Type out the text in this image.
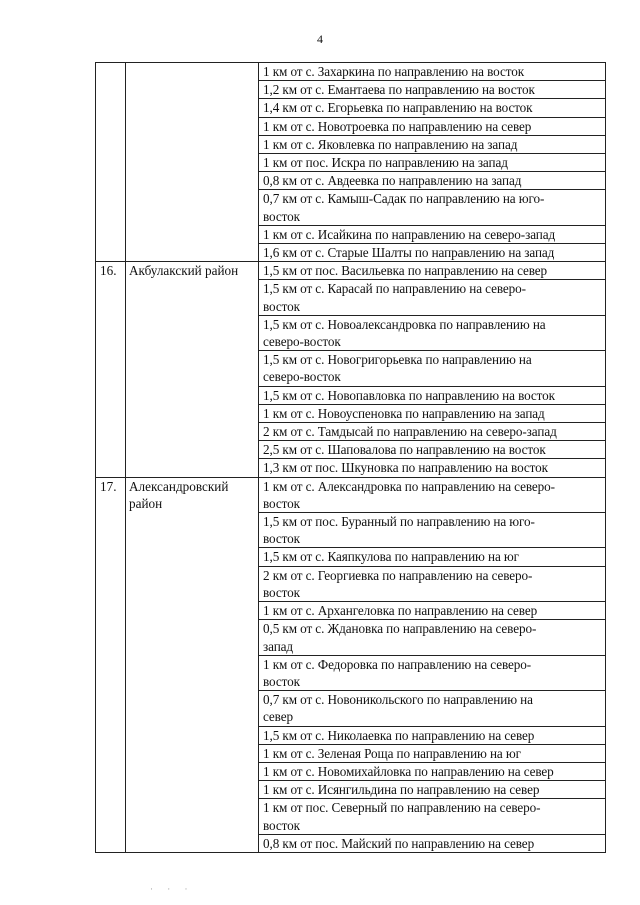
4
		1 км от с. Захаркина по направлению на восток
		1,2 км от с. Емантаева по направлению на восток
		1,4 км от с. Егорьевка по направлению на восток
		1 км от с. Новотроевка по направлению на север
		1 км от с. Яковлевка по направлению на запад
		1 км от пос. Искра по направлению на запад
		0,8 км от с. Авдеевка по направлению на запад
		0,7 км от с. Камыш-Садак по направлению на юго-
восток
		1 км от с. Исайкина по направлению на северо-запад
		1,6 км от с. Старые Шалты по направлению на запад
16.	Акбулакский район	1,5 км от пос. Васильевка по направлению на север
		1,5 км от с. Карасай по направлению на северо-
восток
		1,5 км от с. Новоалександровка по направлению на
северо-восток
		1,5 км от с. Новогригорьевка по направлению на
северо-восток
		1,5 км от с. Новопавловка по направлению на восток
		1 км от с. Новоуспеновка по направлению на запад
		2 км от с. Тамдысай по направлению на северо-запад
		2,5 км от с. Шаповалова по направлению на восток
		1,3 км от пос. Шкуновка по направлению на восток
17.	Александровский
район	1 км от с. Александровка по направлению на северо-
восток
		1,5 км от пос. Буранный по направлению на юго-
восток
		1,5 км от с. Каяпкулова по направлению на юг
		2 км от с. Георгиевка по направлению на северо-
восток
		1 км от с. Архангеловка по направлению на север
		0,5 км от с. Ждановка по направлению на северо-
запад
		1 км от с. Федоровка по направлению на северо-
восток
		0,7 км от с. Новоникольского по направлению на
север
		1,5 км от с. Николаевка по направлению на север
		1 км от с. Зеленая Роща по направлению на юг
		1 км от с. Новомихайловка по направлению на север
		1 км от с. Исянгильдина по направлению на север
		1 км от пос. Северный по направлению на северо-
восток
		0,8 км от пос. Майский по направлению на север
· · ·
